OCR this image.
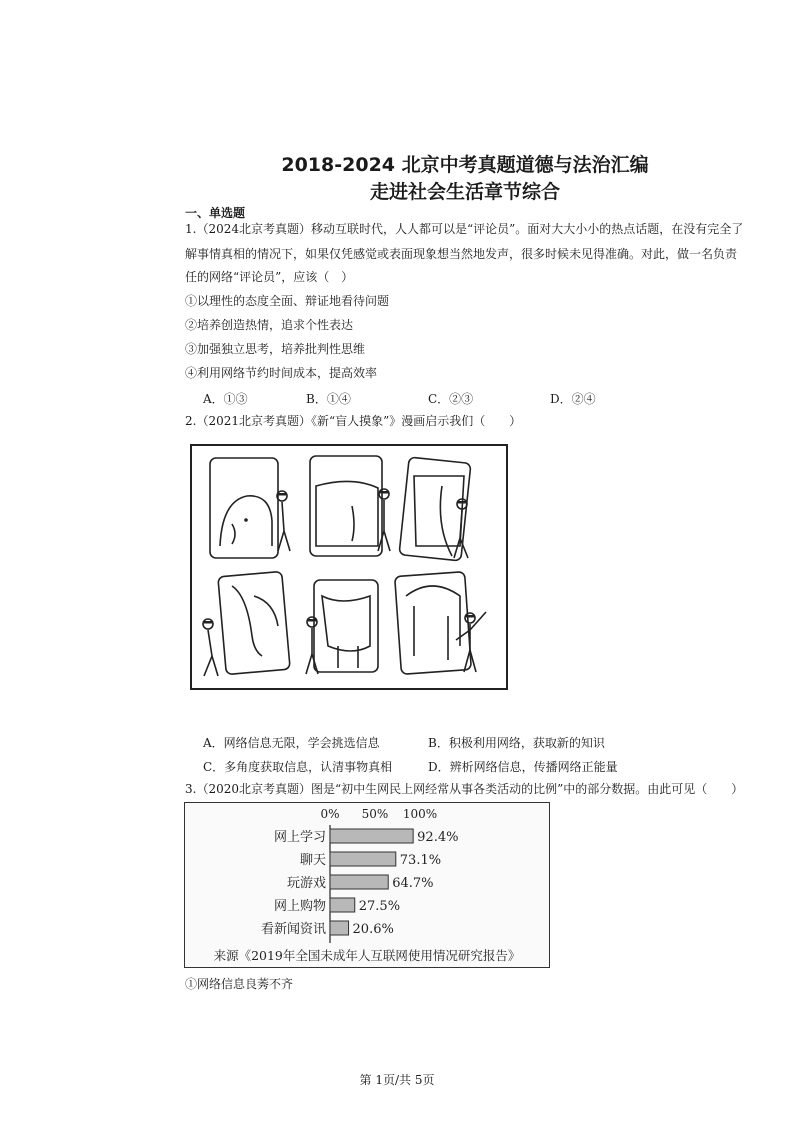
2018-2024 北京中考真题道德与法治汇编
走进社会生活章节综合
一、单选题
1.（2024北京考真题）移动互联时代，人人都可以是“评论员”。面对大大小小的热点话题，在没有完全了
解事情真相的情况下，如果仅凭感觉或表面现象想当然地发声，很多时候未见得准确。对此，做一名负责
任的网络“评论员”，应该（　）
①以理性的态度全面、辩证地看待问题
②培养创造热情，追求个性表达
③加强独立思考，培养批判性思维
④利用网络节约时间成本，提高效率
A．①③	B．①④	C．②③	D．②④
2.（2021北京考真题）《新“盲人摸象”》漫画启示我们（　　）
A．网络信息无限，学会挑选信息	B．积极利用网络，获取新的知识
C．多角度获取信息，认清事物真相	D．辨析网络信息，传播网络正能量
3.（2020北京考真题）图是“初中生网民上网经常从事各类活动的比例”中的部分数据。由此可见（　　）
0% 50% 100%
网上学习	92.4%
聊天	73.1%
玩游戏	64.7%
网上购物	27.5%
看新闻资讯 20.6%
来源《2019年全国未成年人互联网使用情况研究报告》
①网络信息良莠不齐
第 1页/共 5页
